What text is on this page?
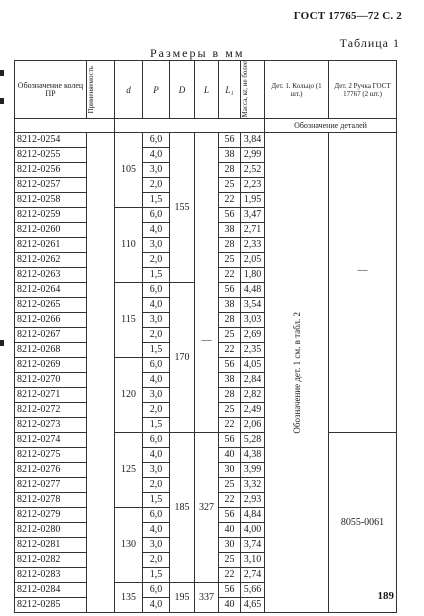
ГОСТ 17765—72 С. 2
Таблица 1
Размеры в мм
Обозначение колец ПР	Применяемость	d	P	D	L	L₁	Масса, кг, не более	Дет. 1. Кольцо (1 шт.)	Дет. 2 Ручка ГОСТ 17767 (2 шт.)
								Обозначение деталей	
8212-0254		105	6,0	155	—	56	3,84	Обозначение дет. 1 см. в табл. 2	—
8212-0255			4,0			38	2,99		
8212-0256			3,0			28	2,52		
8212-0257			2,0			25	2,23		
8212-0258			1,5			22	1,95		
8212-0259		110	6,0			56	3,47		
8212-0260			4,0			38	2,71		
8212-0261			3,0			28	2,33		
8212-0262			2,0			25	2,05		
8212-0263			1,5			22	1,80		
8212-0264		115	6,0	170		56	4,48		
8212-0265			4,0			38	3,54		
8212-0266			3,0			28	3,03		
8212-0267			2,0			25	2,69		
8212-0268			1,5			22	2,35		
8212-0269		120	6,0			56	4,05		
8212-0270			4,0			38	2,84		
8212-0271			3,0			28	2,82		
8212-0272			2,0			25	2,49		
8212-0273			1,5			22	2,06		
8212-0274		125	6,0	185	327	56	5,28		8055-0061
8212-0275			4,0			40	4,38		
8212-0276			3,0			30	3,99		
8212-0277			2,0			25	3,32		
8212-0278			1,5			22	2,93		
8212-0279		130	6,0			56	4,84		
8212-0280			4,0			40	4,00		
8212-0281			3,0			30	3,74		
8212-0282			2,0			25	3,10		
8212-0283			1,5			22	2,74		
8212-0284		135	6,0	195	337	56	5,66		
8212-0285			4,0			40	4,65		
189
